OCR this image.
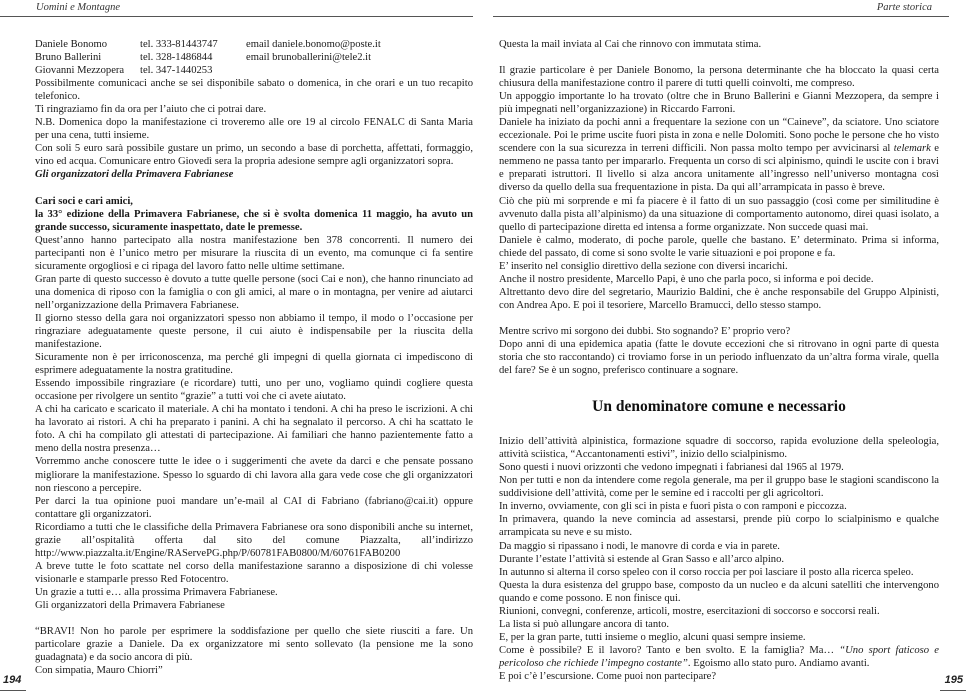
Uomini e Montagne
Daniele Bonomo	tel. 333-81443747	email daniele.bonomo@poste.it
Bruno Ballerini	tel. 328-1486844	email brunoballerini@tele2.it
Giovanni Mezzopera	tel. 347-1440253

Possibilmente comunicaci anche se sei disponibile sabato o domenica, in che orari e un tuo recapito telefonico.

Ti ringraziamo fin da ora per l’aiuto che ci potrai dare.

N.B. Domenica dopo la manifestazione ci troveremo alle ore 19 al circolo FENALC di Santa Maria per una cena, tutti insieme.

Con soli 5 euro sarà possibile gustare un primo, un secondo a base di porchetta, affettati, formaggio, vino ed acqua. Comunicare entro Giovedì sera la propria adesione sempre agli organizzatori sopra.

Gli organizzatori della Primavera Fabrianese

Cari soci e cari amici,

la 33° edizione della Primavera Fabrianese, che si è svolta domenica 11 maggio, ha avuto un grande successo, sicuramente inaspettato, date le premesse.

Quest’anno hanno partecipato alla nostra manifestazione ben 378 concorrenti. Il numero dei partecipanti non è l’unico metro per misurare la riuscita di un evento, ma comunque ci fa sentire sicuramente orgogliosi e ci ripaga del lavoro fatto nelle ultime settimane.

Gran parte di questo successo è dovuto a tutte quelle persone (soci Cai e non), che hanno rinunciato ad una domenica di riposo con la famiglia o con gli amici, al mare o in montagna, per venire ad aiutarci nell’organizzazione della Primavera Fabrianese.

Il giorno stesso della gara noi organizzatori spesso non abbiamo il tempo, il modo o l’occasione per ringraziare adeguatamente queste persone, il cui aiuto è indispensabile per la riuscita della manifestazione.

Sicuramente non è per irriconoscenza, ma perché gli impegni di quella giornata ci impediscono di esprimere adeguatamente la nostra gratitudine.

Essendo impossibile ringraziare (e ricordare) tutti, uno per uno, vogliamo quindi cogliere questa occasione per rivolgere un sentito “grazie” a tutti voi che ci avete aiutato.

A chi ha caricato e scaricato il materiale. A chi ha montato i tendoni. A chi ha preso le iscrizioni. A chi ha lavorato ai ristori. A chi ha preparato i panini. A chi ha segnalato il percorso. A chi ha scattato le foto. A chi ha compilato gli attestati di partecipazione. Ai familiari che hanno pazientemente fatto a meno della nostra presenza…

Vorremmo anche conoscere tutte le idee o i suggerimenti che avete da darci e che pensate possano migliorare la manifestazione. Spesso lo sguardo di chi lavora alla gara vede cose che gli organizzatori non riescono a percepire.

Per darci la tua opinione puoi mandare un’e-mail al CAI di Fabriano (fabriano@cai.it) oppure contattare gli organizzatori.

Ricordiamo a tutti che le classifiche della Primavera Fabrianese ora sono disponibili anche su internet, grazie all’ospitalità offerta dal sito del comune Piazzalta, all’indirizzo http://www.piazzalta.it/Engine/RAServePG.php/P/60781FAB0800/M/60761FAB0200

A breve tutte le foto scattate nel corso della manifestazione saranno a disposizione di chi volesse visionarle e stamparle presso Red Fotocentro.

Un grazie a tutti e… alla prossima Primavera Fabrianese.

Gli organizzatori della Primavera Fabrianese

“BRAVI! Non ho parole per esprimere la soddisfazione per quello che siete riusciti a fare. Un particolare grazie a Daniele. Da ex organizzatore mi sento sollevato (la pensione me la sono guadagnata) e da socio ancora di più.

Con simpatia, Mauro Chiorri”

194
Parte storica

Questa la mail inviata al Cai che rinnovo con immutata stima.

Il grazie particolare è per Daniele Bonomo, la persona determinante che ha bloccato la quasi certa chiusura della manifestazione contro il parere di tutti quelli coinvolti, me compreso.

Un appoggio importante lo ha trovato (oltre che in Bruno Ballerini e Gianni Mezzopera, da sempre i più impegnati nell’organizzazione) in Riccardo Farroni.

Daniele ha iniziato da pochi anni a frequentare la sezione con un “Caineve”, da sciatore. Uno sciatore eccezionale. Poi le prime uscite fuori pista in zona e nelle Dolomiti. Sono poche le persone che ho visto scendere con la sua sicurezza in terreni difficili. Non passa molto tempo per avvicinarsi al telemark e nemmeno ne passa tanto per impararlo. Frequenta un corso di sci alpinismo, quindi le uscite con i bravi e preparati istruttori. Il livello si alza ancora unitamente all’ingresso nell’universo montagna così diverso da quello della sua frequentazione in pista. Da qui all’arrampicata in passo è breve.

Ciò che più mi sorprende e mi fa piacere è il fatto di un suo passaggio (così come per similitudine è avvenuto dalla pista all’alpinismo) da una situazione di comportamento autonomo, direi quasi isolato, a quello di partecipazione diretta ed intensa a forme organizzate. Non succede quasi mai.

Daniele è calmo, moderato, di poche parole, quelle che bastano. E’ determinato. Prima si informa, chiede del passato, di come si sono svolte le varie situazioni e poi propone e fa.

E’ inserito nel consiglio direttivo della sezione con diversi incarichi.

Anche il nostro presidente, Marcello Papi, è uno che parla poco, si informa e poi decide.

Altrettanto devo dire del segretario, Maurizio Baldini, che è anche responsabile del Gruppo Alpinisti, con Andrea Apo. E poi il tesoriere, Marcello Bramucci, dello stesso stampo.

Mentre scrivo mi sorgono dei dubbi. Sto sognando? E’ proprio vero?

Dopo anni di una epidemica apatia (fatte le dovute eccezioni che si ritrovano in ogni parte di questa storia che sto raccontando) ci troviamo forse in un periodo influenzato da un’altra forma virale, quella del fare? Se è un sogno, preferisco continuare a sognare.

Un denominatore comune e necessario

Inizio dell’attività alpinistica, formazione squadre di soccorso, rapida evoluzione della speleologia, attività sciistica, “Accantonamenti estivi”, inizio dello scialpinismo.

Sono questi i nuovi orizzonti che vedono impegnati i fabrianesi dal 1965 al 1979.

Non per tutti e non da intendere come regola generale, ma per il gruppo base le stagioni scandiscono la suddivisione dell’attività, come per le semine ed i raccolti per gli agricoltori.

In inverno, ovviamente, con gli sci in pista e fuori pista o con ramponi e piccozza.

In primavera, quando la neve comincia ad assestarsi, prende più corpo lo scialpinismo e qualche arrampicata su neve e su misto.

Da maggio si ripassano i nodi, le manovre di corda e via in parete.

Durante l’estate l’attività si estende al Gran Sasso e all’arco alpino.

In autunno si alterna il corso speleo con il corso roccia per poi lasciare il posto alla ricerca speleo.

Questa la dura esistenza del gruppo base, composto da un nucleo e da alcuni satelliti che intervengono quando e come possono. E non finisce qui.

Riunioni, convegni, conferenze, articoli, mostre, esercitazioni di soccorso e soccorsi reali.

La lista si può allungare ancora di tanto.

E, per la gran parte, tutti insieme o meglio, alcuni quasi sempre insieme.

Come è possibile? E il lavoro? Tanto e ben svolto. E la famiglia? Ma… “Uno sport faticoso e pericoloso che richiede l’impegno costante”. Egoismo allo stato puro. Andiamo avanti.

E poi c’è l’escursione. Come puoi non partecipare?	195
